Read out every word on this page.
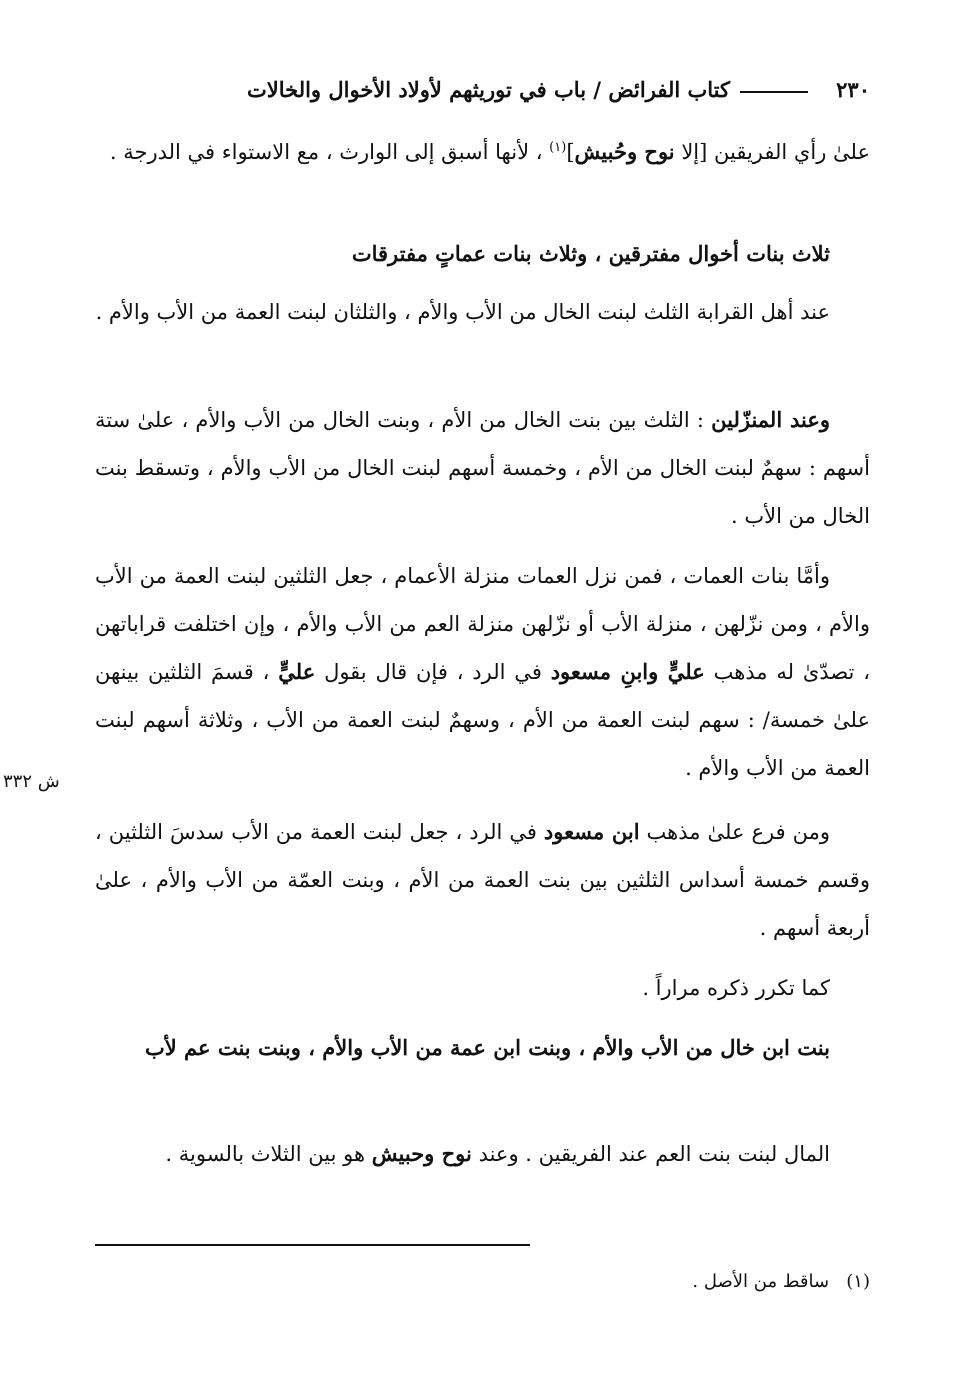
٢٣٠
كتاب الفرائض / باب في توريثهم لأولاد الأخوال والخالات

علىٰ رأي الفريقين [إلا نوح وحُبيش]$^{(١)}$ ، لأنها أسبق إلى الوارث ، مع الاستواء في الدرجة .

ثلاث بنات أخوال مفترقين ، وثلاث بنات عماتٍ مفترقات

عند أهل القرابة الثلث لبنت الخال من الأب والأم ، والثلثان لبنت العمة من الأب والأم .

وعند المنزّلين : الثلث بين بنت الخال من الأم ، وبنت الخال من الأب والأم ، علىٰ ستة أسهم : سهمٌ لبنت الخال من الأم ، وخمسة أسهم لبنت الخال من الأب والأم ، وتسقط بنت الخال من الأب .

وأمَّا بنات العمات ، فمن نزل العمات منزلة الأعمام ، جعل الثلثين لبنت العمة من الأب والأم ، ومن نزّلهن ، منزلة الأب أو نزّلهن منزلة العم من الأب والأم ، وإن اختلفت قراباتهن ، تصدّىٰ له مذهب عليٍّ وابنِ مسعود في الرد ، فإن قال بقول عليٍّ ، قسمَ الثلثين بينهن علىٰ خمسة/ : سهم لبنت العمة من الأم ، وسهمٌ لبنت العمة من الأب ، وثلاثة أسهم لبنت العمة من الأب والأم .

ش ٣٣٢

ومن فرع علىٰ مذهب ابن مسعود في الرد ، جعل لبنت العمة من الأب سدسَ الثلثين ، وقسم خمسة أسداس الثلثين بين بنت العمة من الأم ، وبنت العمّة من الأب والأم ، علىٰ أربعة أسهم .

كما تكرر ذكره مراراً .

بنت ابن خال من الأب والأم ، وبنت ابن عمة من الأب والأم ، وبنت بنت عم لأب

المال لبنت بنت العم عند الفريقين . وعند نوح وحبيش هو بين الثلاث بالسوية .

(١)   ساقط من الأصل .
